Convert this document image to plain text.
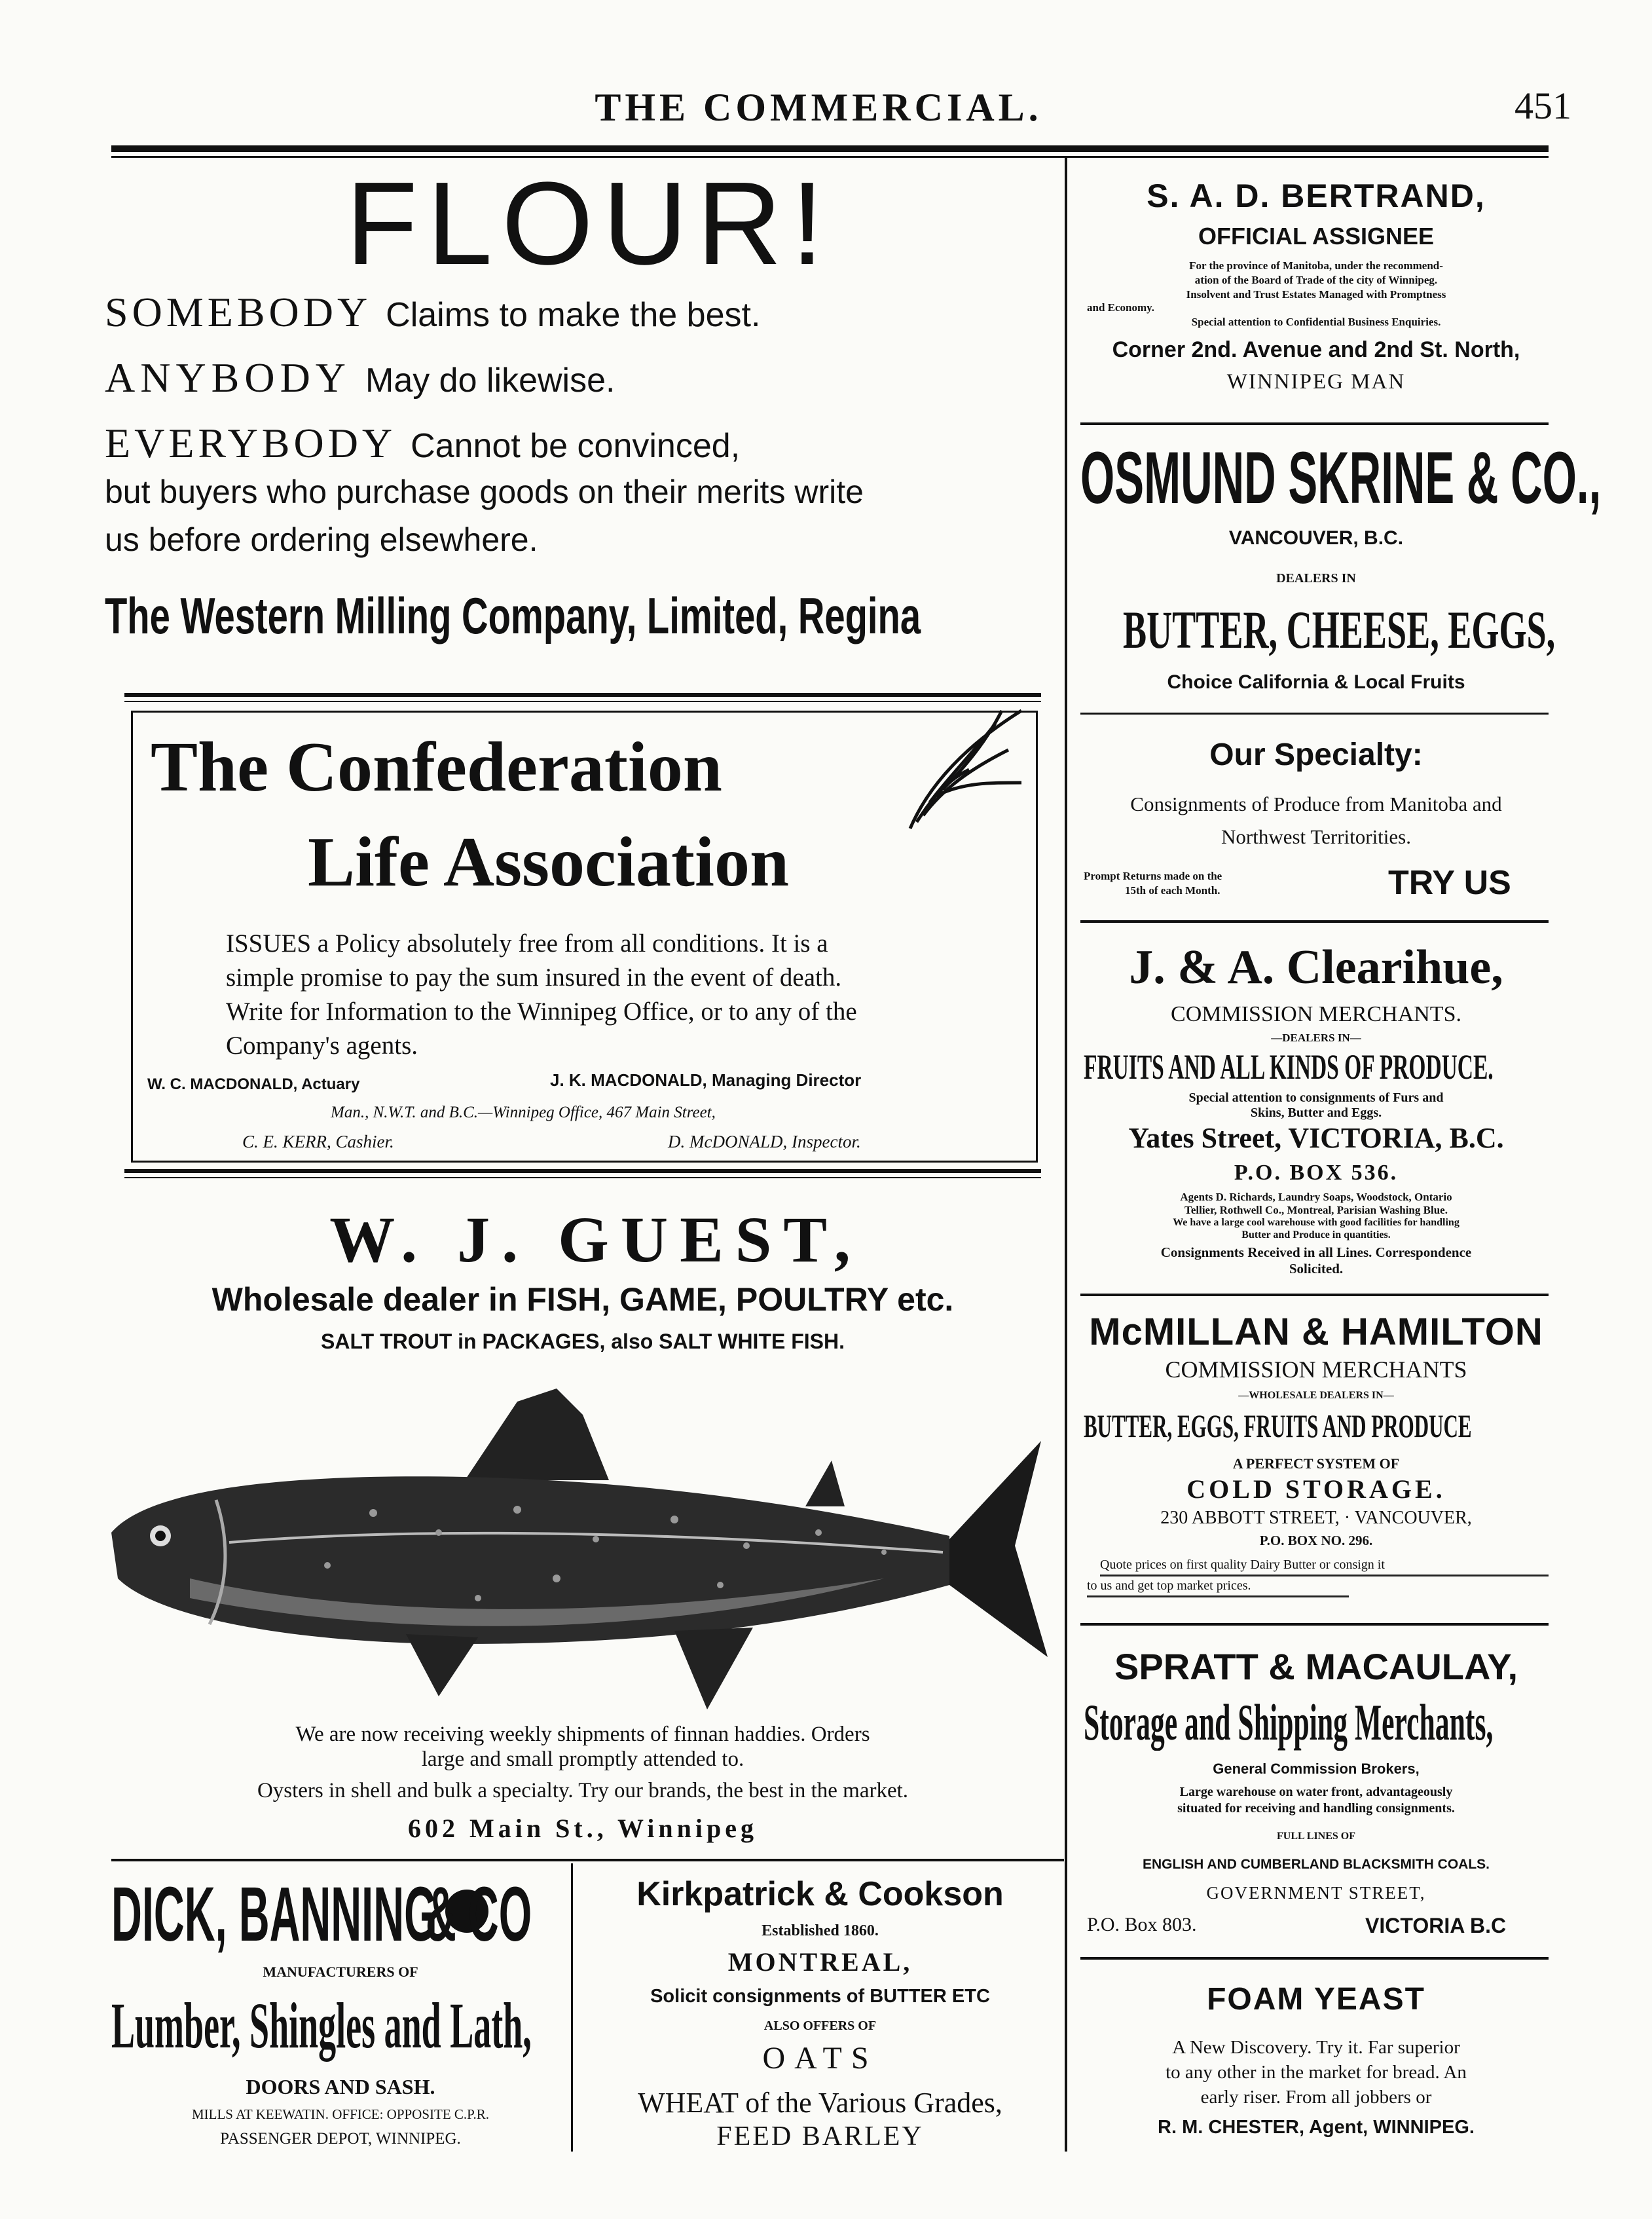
THE COMMERCIAL.	451
FLOUR!
SOMEBODY Claims to make the best.
ANYBODY May do likewise.
EVERYBODY Cannot be convinced,
but buyers who purchase goods on their merits write
us before ordering elsewhere.
The Western Milling Company, Limited, Regina
The Confederation
Life Association
ISSUES a Policy absolutely free from all conditions. It is a
simple promise to pay the sum insured in the event of death.
Write for Information to the Winnipeg Office, or to any of the
Company's agents.
W. C. MACDONALD, Actuary	J. K. MACDONALD, Managing Director
Man., N.W.T. and B.C.—Winnipeg Office, 467 Main Street,
C. E. KERR, Cashier.	D. McDONALD, Inspector.
W. J. GUEST,
Wholesale dealer in FISH, GAME, POULTRY etc.
SALT TROUT in PACKAGES, also SALT WHITE FISH.
We are now receiving weekly shipments of finnan haddies. Orders
large and small promptly attended to.
Oysters in shell and bulk a specialty. Try our brands, the best in the market.
602 Main St., Winnipeg
DICK, BANNING
& CO
MANUFACTURERS OF
Lumber, Shingles and Lath,
DOORS AND SASH.
MILLS AT KEEWATIN. OFFICE: OPPOSITE C.P.R.
PASSENGER DEPOT, WINNIPEG.
Kirkpatrick & Cookson
Established 1860.
MONTREAL,
Solicit consignments of BUTTER ETC
ALSO OFFERS OF
OATS
WHEAT of the Various Grades,
FEED BARLEY
S. A. D. BERTRAND,
OFFICIAL ASSIGNEE
For the province of Manitoba, under the recommend-
ation of the Board of Trade of the city of Winnipeg.
Insolvent and Trust Estates Managed with Promptness
and Economy.
Special attention to Confidential Business Enquiries.
Corner 2nd. Avenue and 2nd St. North,
WINNIPEG MAN
OSMUND SKRINE & CO.,
VANCOUVER, B.C.
DEALERS IN
BUTTER, CHEESE, EGGS,
Choice California & Local Fruits
Our Specialty:
Consignments of Produce from Manitoba and
Northwest Territorities.
Prompt Returns made on the
15th of each Month.	TRY US
J. & A. Clearihue,
COMMISSION MERCHANTS.
—DEALERS IN—
FRUITS AND ALL KINDS OF PRODUCE.
Special attention to consignments of Furs and
Skins, Butter and Eggs.
Yates Street, VICTORIA, B.C.
P.O. BOX 536.
Agents D. Richards, Laundry Soaps, Woodstock, Ontario
Tellier, Rothwell Co., Montreal, Parisian Washing Blue.
We have a large cool warehouse with good facilities for handling
Butter and Produce in quantities.
Consignments Received in all Lines. Correspondence
Solicited.
McMILLAN & HAMILTON
COMMISSION MERCHANTS
—WHOLESALE DEALERS IN—
BUTTER, EGGS, FRUITS AND PRODUCE
A PERFECT SYSTEM OF
COLD STORAGE.
230 ABBOTT STREET, · VANCOUVER,
P.O. BOX NO. 296.
Quote prices on first quality Dairy Butter or consign it
to us and get top market prices.
SPRATT & MACAULAY,
Storage and Shipping Merchants,
General Commission Brokers,
Large warehouse on water front, advantageously
situated for receiving and handling consignments.
FULL LINES OF
ENGLISH AND CUMBERLAND BLACKSMITH COALS.
GOVERNMENT STREET,
P.O. Box 803.	VICTORIA B.C
FOAM YEAST
A New Discovery. Try it. Far superior
to any other in the market for bread. An
early riser. From all jobbers or
R. M. CHESTER, Agent, WINNIPEG.
